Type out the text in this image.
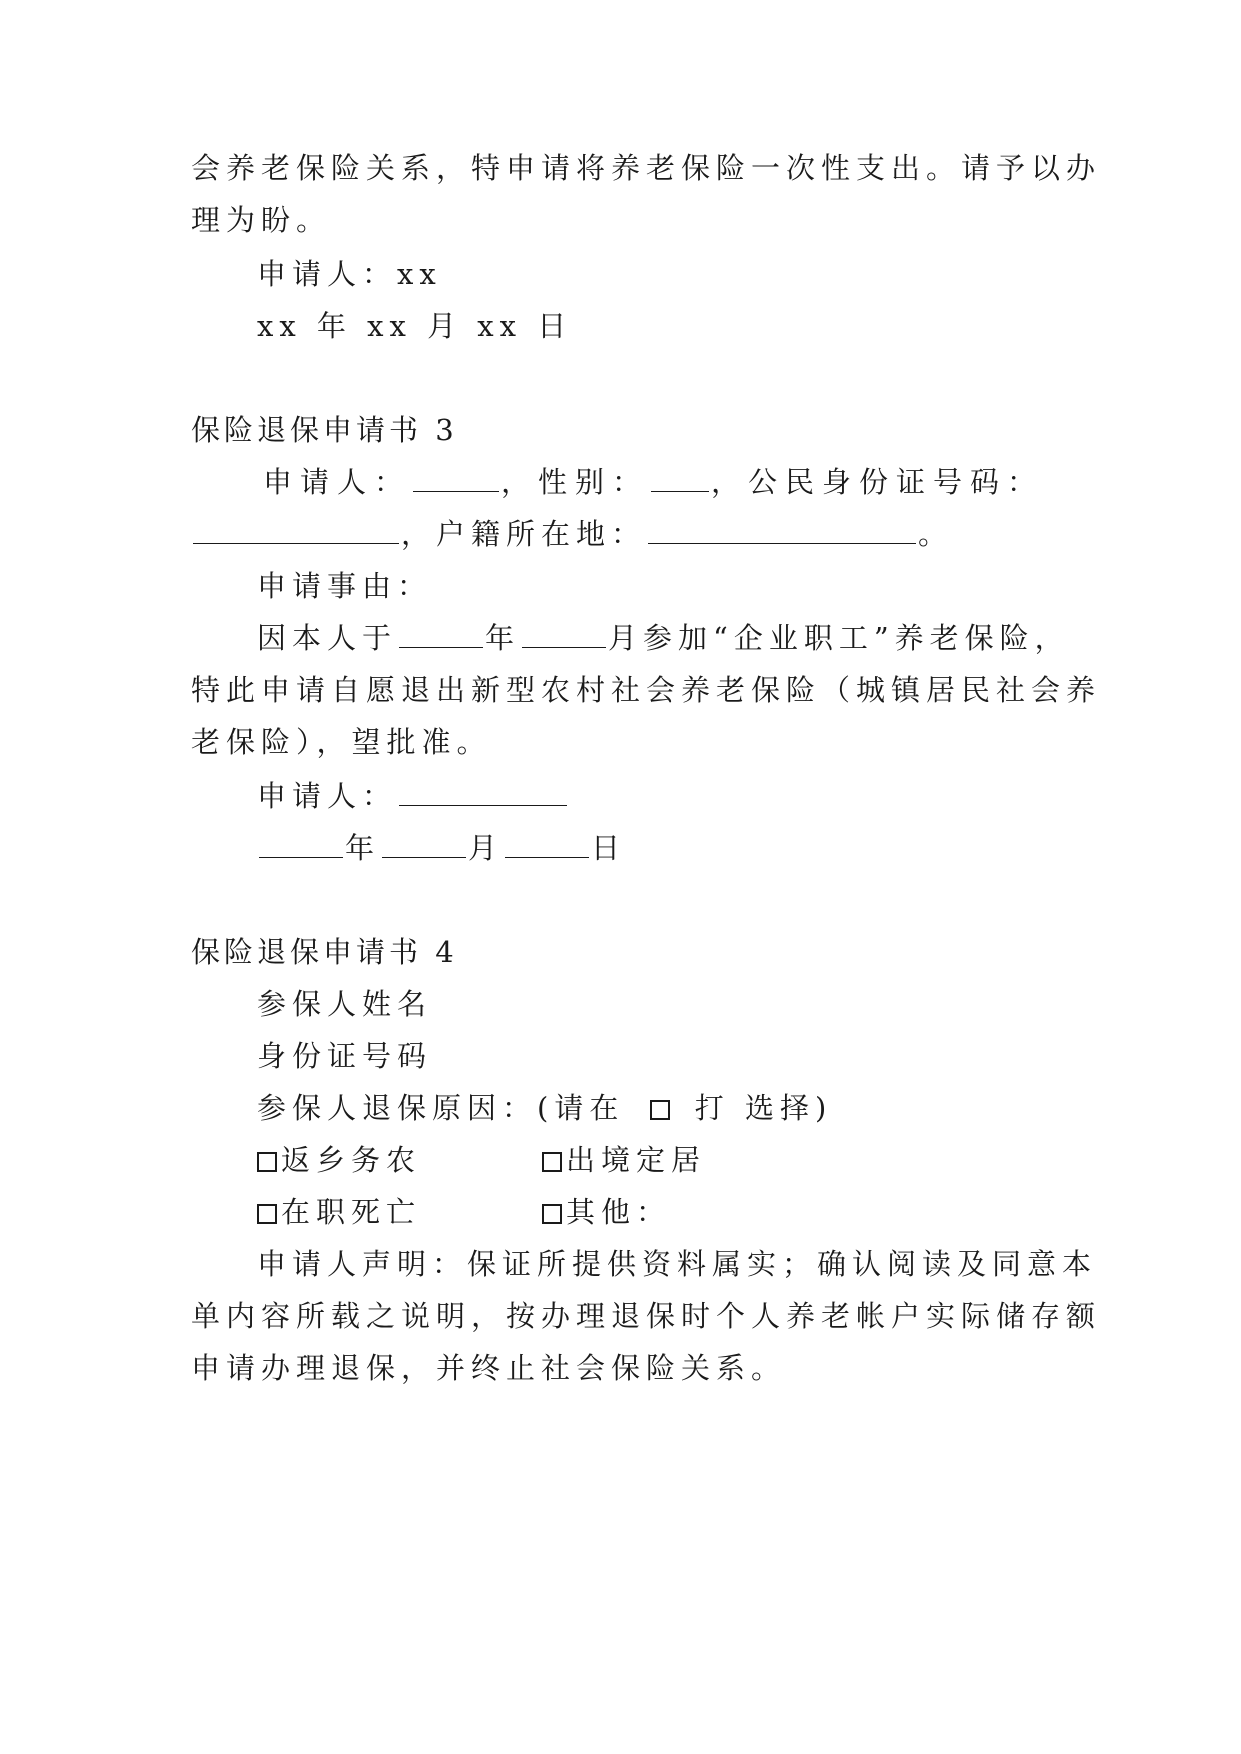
会养老保险关系，特申请将养老保险一次性支出。请予以办
理为盼。
申请人：xx
xx 年 xx 月 xx 日
保险退保申请书 3
申请人：	，性别： ，公民身份证号码：
，户籍所在地：	。
申请事由：
因本人于	年	月参加“企业职工”养老保险，
特此申请自愿退出新型农村社会养老保险（城镇居民社会养
老保险），望批准。
申请人：
年	月	日
保险退保申请书 4
参保人姓名
身份证号码
参保人退保原因：(请在 打 选择)
返乡务农	出境定居
在职死亡	其他：
申请人声明：保证所提供资料属实；确认阅读及同意本
单内容所载之说明，按办理退保时个人养老帐户实际储存额
申请办理退保，并终止社会保险关系。
